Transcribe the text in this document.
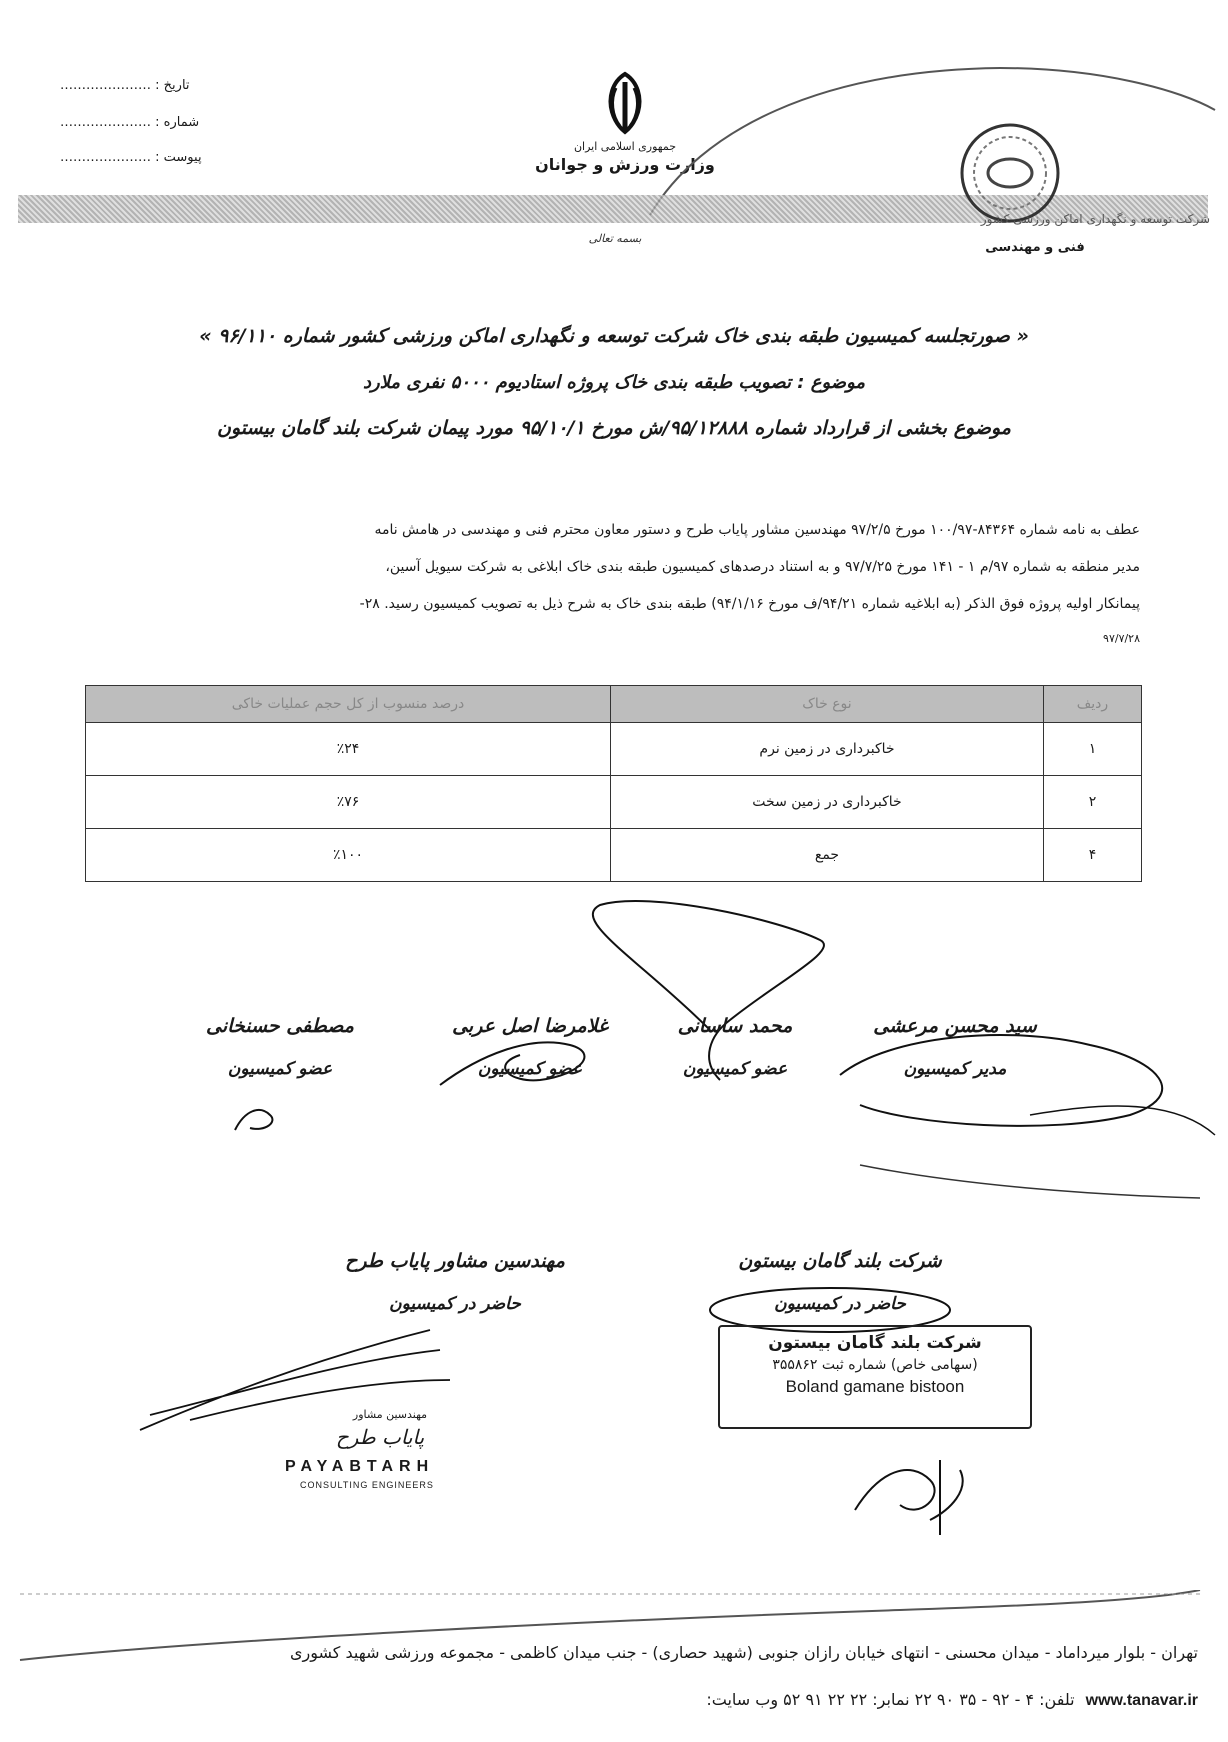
تاریخ : …………………
شماره : …………………
پیوست : …………………
جمهوری اسلامی ایران
وزارت ورزش و جوانان
شرکت توسعه و نگهداری اماکن ورزشی کشور
فنی و مهندسی
بسمه تعالی
« صورتجلسه کمیسیون طبقه بندی خاک شرکت توسعه و نگهداری اماکن ورزشی کشور شماره ۹۶/۱۱۰ »
موضوع : تصویب طبقه بندی خاک پروژه استادیوم ۵۰۰۰ نفری ملارد
موضوع بخشی از قرارداد شماره ۹۵/۱۲۸۸۸/ش مورخ ۹۵/۱۰/۱ مورد پیمان شرکت بلند گامان بیستون
عطف به نامه شماره ۸۴۳۶۴-۱۰۰/۹۷ مورخ ۹۷/۲/۵ مهندسین مشاور پایاب طرح و دستور معاون محترم فنی و مهندسی در هامش نامه
مدیر منطقه به شماره ۹۷/م ۱ - ۱۴۱ مورخ ۹۷/۷/۲۵ و به استناد درصدهای کمیسیون طبقه بندی خاک ابلاغی به شرکت سیویل آسین،
پیمانکار اولیه پروژه فوق الذکر (به ابلاغیه شماره ۹۴/۲۱/ف مورخ ۹۴/۱/۱۶) طبقه بندی خاک به شرح ذیل به تصویب کمیسیون رسید. ۲۸-
۹۷/۷/۲۸
ردیف	نوع خاک	درصد منسوب از کل حجم عملیات خاکی
۱	خاکبرداری در زمین نرم	٪۲۴
۲	خاکبرداری در زمین سخت	٪۷۶
۴	جمع	٪۱۰۰
سید محسن مرعشی
مدیر کمیسیون
محمد ساسانی
عضو کمیسیون
غلامرضا اصل عربی
عضو کمیسیون
مصطفی حسنخانی
عضو کمیسیون
شرکت بلند گامان بیستون
حاضر در کمیسیون
مهندسین مشاور پایاب طرح
حاضر در کمیسیون
شرکت بلند گامان بیستون
(سهامی خاص) شماره ثبت ۳۵۵۸۶۲
Boland gamane bistoon
مهندسین مشاور
پایاب طرح
PAYABTARH
CONSULTING ENGINEERS
تهران - بلوار میرداماد - میدان محسنی - انتهای خیابان رازان جنوبی (شهید حصاری) - جنب میدان کاظمی - مجموعه ورزشی شهید کشوری
تلفن: ۴ - ۹۲ - ۳۵ ۹۰ ۲۲ نمابر: ۲۲ ۲۲ ۹۱ ۵۲ وب سایت: www.tanavar.ir
